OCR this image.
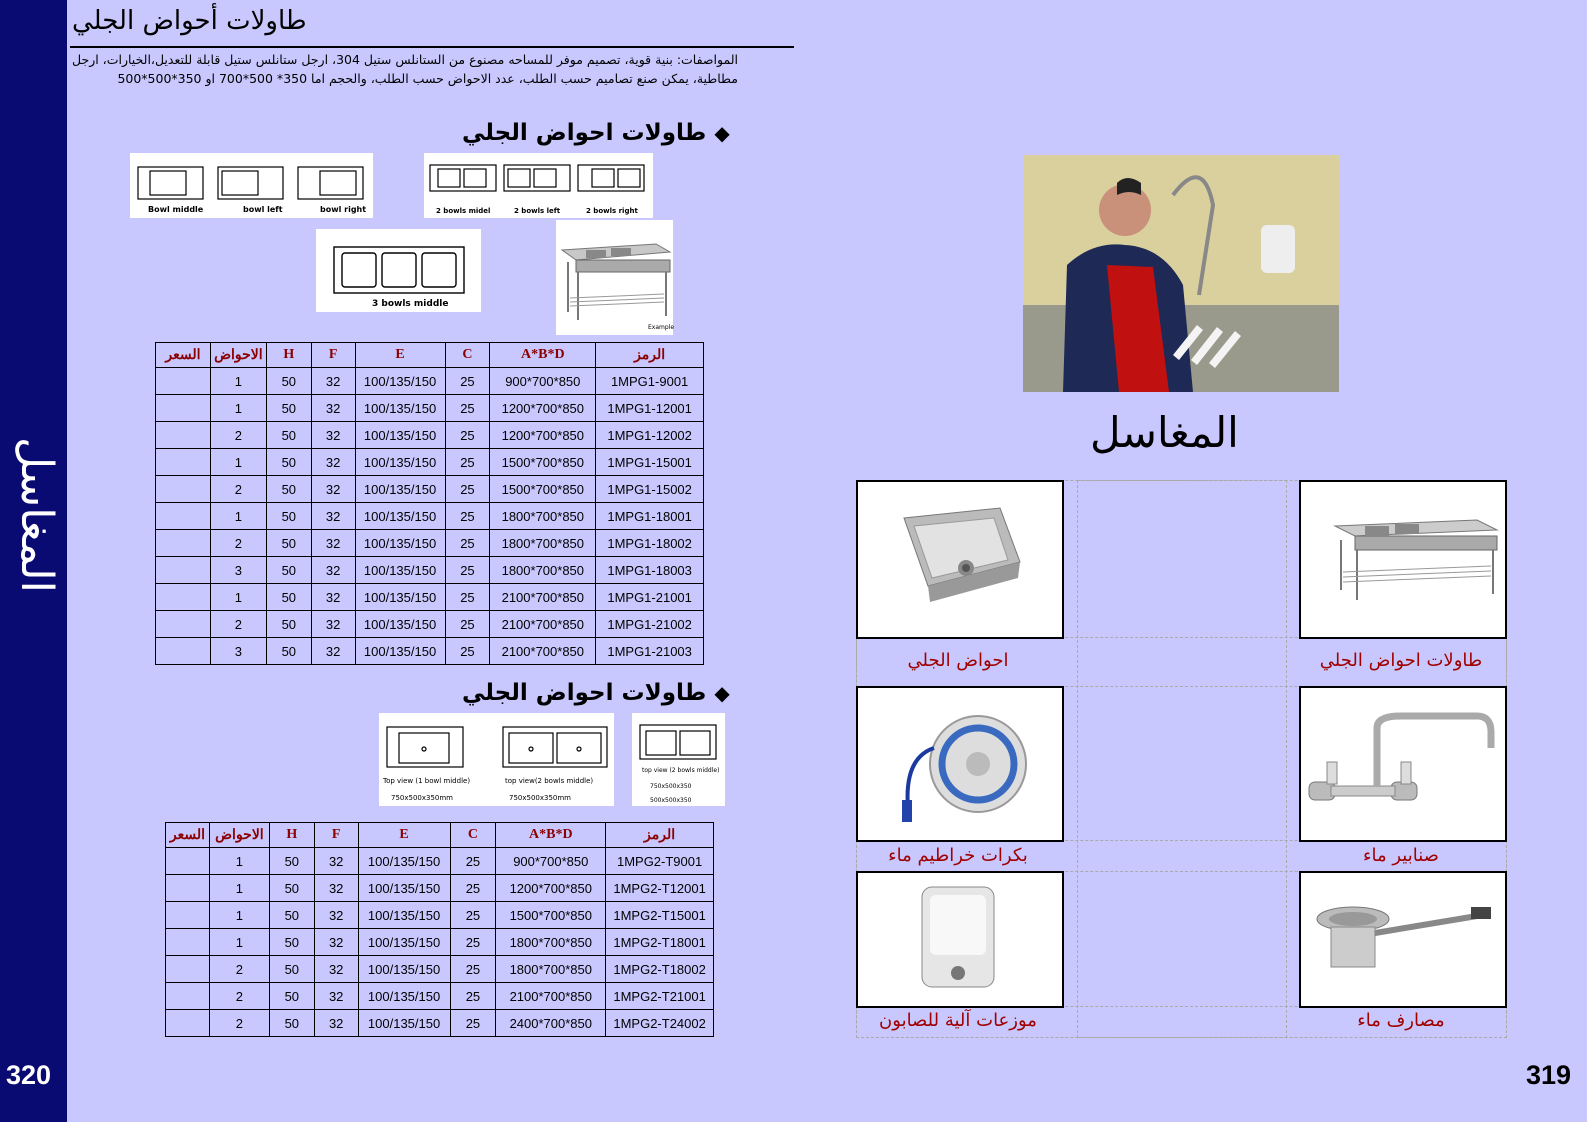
المغاسل
320	319
طاولات أحواض الجلي
المواصفات: بنية قوية، تصميم موفر للمساحه مصنوع من الستانلس ستيل 304، ارجل ستانلس ستيل قابلة للتعديل،الخيارات، ارجل مطاطية، يمكن صنع تصاميم حسب الطلب، عدد الاحواض حسب الطلب، والحجم اما 350* 500*700 او 350*500*500
◆ طاولات احواض الجلي
Bowl middle	bowl left	bowl right	2 bowls midel	2 bowls left	2 bowls right
3 bowls middle
Example
السعر	الاحواض	H	F	E	C	A*B*D	الرمز
	1	50	32	100/135/150	25	900*700*850	1MPG1-9001
	1	50	32	100/135/150	25	1200*700*850	1MPG1-12001
	2	50	32	100/135/150	25	1200*700*850	1MPG1-12002
	1	50	32	100/135/150	25	1500*700*850	1MPG1-15001
	2	50	32	100/135/150	25	1500*700*850	1MPG1-15002
	1	50	32	100/135/150	25	1800*700*850	1MPG1-18001
	2	50	32	100/135/150	25	1800*700*850	1MPG1-18002
	3	50	32	100/135/150	25	1800*700*850	1MPG1-18003
	1	50	32	100/135/150	25	2100*700*850	1MPG1-21001
	2	50	32	100/135/150	25	2100*700*850	1MPG1-21002
	3	50	32	100/135/150	25	2100*700*850	1MPG1-21003
◆ طاولات احواض الجلي
Top view (1 bowl middle)
750x500x350mm
top view(2 bowls middle)
750x500x350mm
top view (2 bowls middle)
750x500x350
500x500x350
السعر	الاحواض	H	F	E	C	A*B*D	الرمز
	1	50	32	100/135/150	25	900*700*850	1MPG2-T9001
	1	50	32	100/135/150	25	1200*700*850	1MPG2-T12001
	1	50	32	100/135/150	25	1500*700*850	1MPG2-T15001
	1	50	32	100/135/150	25	1800*700*850	1MPG2-T18001
	2	50	32	100/135/150	25	1800*700*850	1MPG2-T18002
	2	50	32	100/135/150	25	2100*700*850	1MPG2-T21001
	2	50	32	100/135/150	25	2400*700*850	1MPG2-T24002
المغاسل
احواض الجلي	طاولات احواض الجلي
بكرات خراطيم ماء	صنابير ماء
موزعات آلية للصابون	مصارف ماء
